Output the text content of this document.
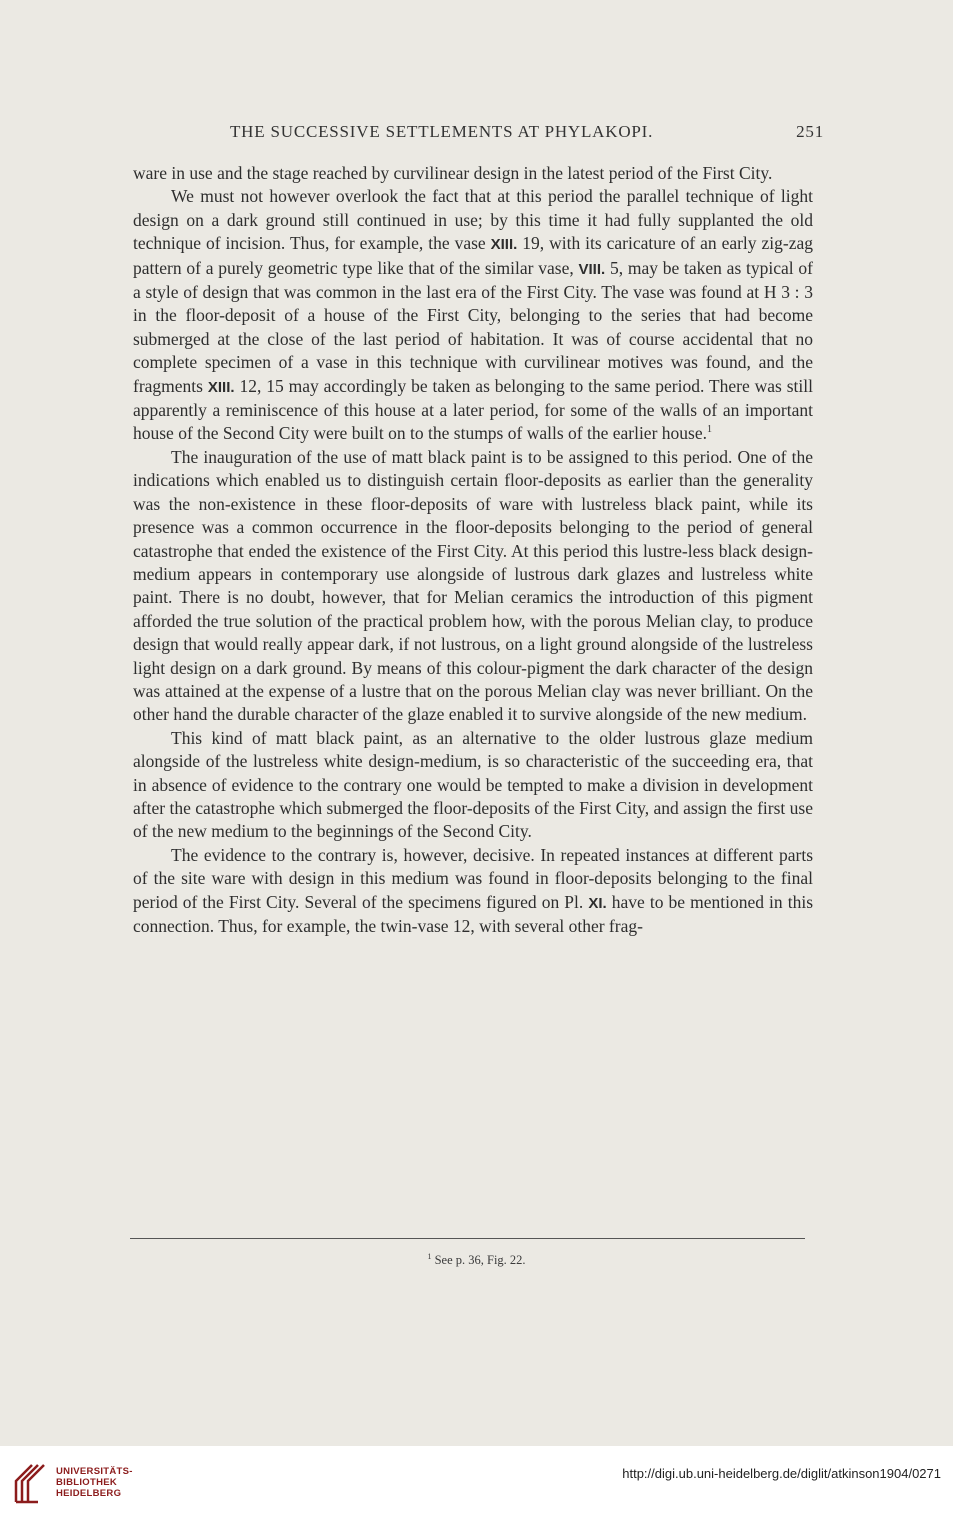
THE SUCCESSIVE SETTLEMENTS AT PHYLAKOPI.	251

ware in use and the stage reached by curvilinear design in the latest period of the First City.

We must not however overlook the fact that at this period the parallel technique of light design on a dark ground still continued in use; by this time it had fully supplanted the old technique of incision. Thus, for example, the vase XIII. 19, with its caricature of an early zig-zag pattern of a purely geometric type like that of the similar vase, VIII. 5, may be taken as typical of a style of design that was common in the last era of the First City. The vase was found at H 3 : 3 in the floor-deposit of a house of the First City, belonging to the series that had become submerged at the close of the last period of habitation. It was of course accidental that no complete specimen of a vase in this technique with curvilinear motives was found, and the fragments XIII. 12, 15 may accordingly be taken as belonging to the same period. There was still apparently a reminiscence of this house at a later period, for some of the walls of an important house of the Second City were built on to the stumps of walls of the earlier house.$^1$

The inauguration of the use of matt black paint is to be assigned to this period. One of the indications which enabled us to distinguish certain floor-deposits as earlier than the generality was the non-existence in these floor-deposits of ware with lustreless black paint, while its presence was a common occurrence in the floor-deposits belonging to the period of general catastrophe that ended the existence of the First City. At this period this lustre-less black design-medium appears in contemporary use alongside of lustrous dark glazes and lustreless white paint. There is no doubt, however, that for Melian ceramics the introduction of this pigment afforded the true solution of the practical problem how, with the porous Melian clay, to produce design that would really appear dark, if not lustrous, on a light ground alongside of the lustreless light design on a dark ground. By means of this colour-pigment the dark character of the design was attained at the expense of a lustre that on the porous Melian clay was never brilliant. On the other hand the durable character of the glaze enabled it to survive alongside of the new medium.

This kind of matt black paint, as an alternative to the older lustrous glaze medium alongside of the lustreless white design-medium, is so characteristic of the succeeding era, that in absence of evidence to the contrary one would be tempted to make a division in development after the catastrophe which submerged the floor-deposits of the First City, and assign the first use of the new medium to the beginnings of the Second City.

The evidence to the contrary is, however, decisive. In repeated instances at different parts of the site ware with design in this medium was found in floor-deposits belonging to the final period of the First City. Several of the specimens figured on Pl. XI. have to be mentioned in this connection. Thus, for example, the twin-vase 12, with several other frag-

$^1$ See p. 36, Fig. 22.
UNIVERSITÄTS-
BIBLIOTHEK
HEIDELBERG
http://digi.ub.uni-heidelberg.de/diglit/atkinson1904/0271
